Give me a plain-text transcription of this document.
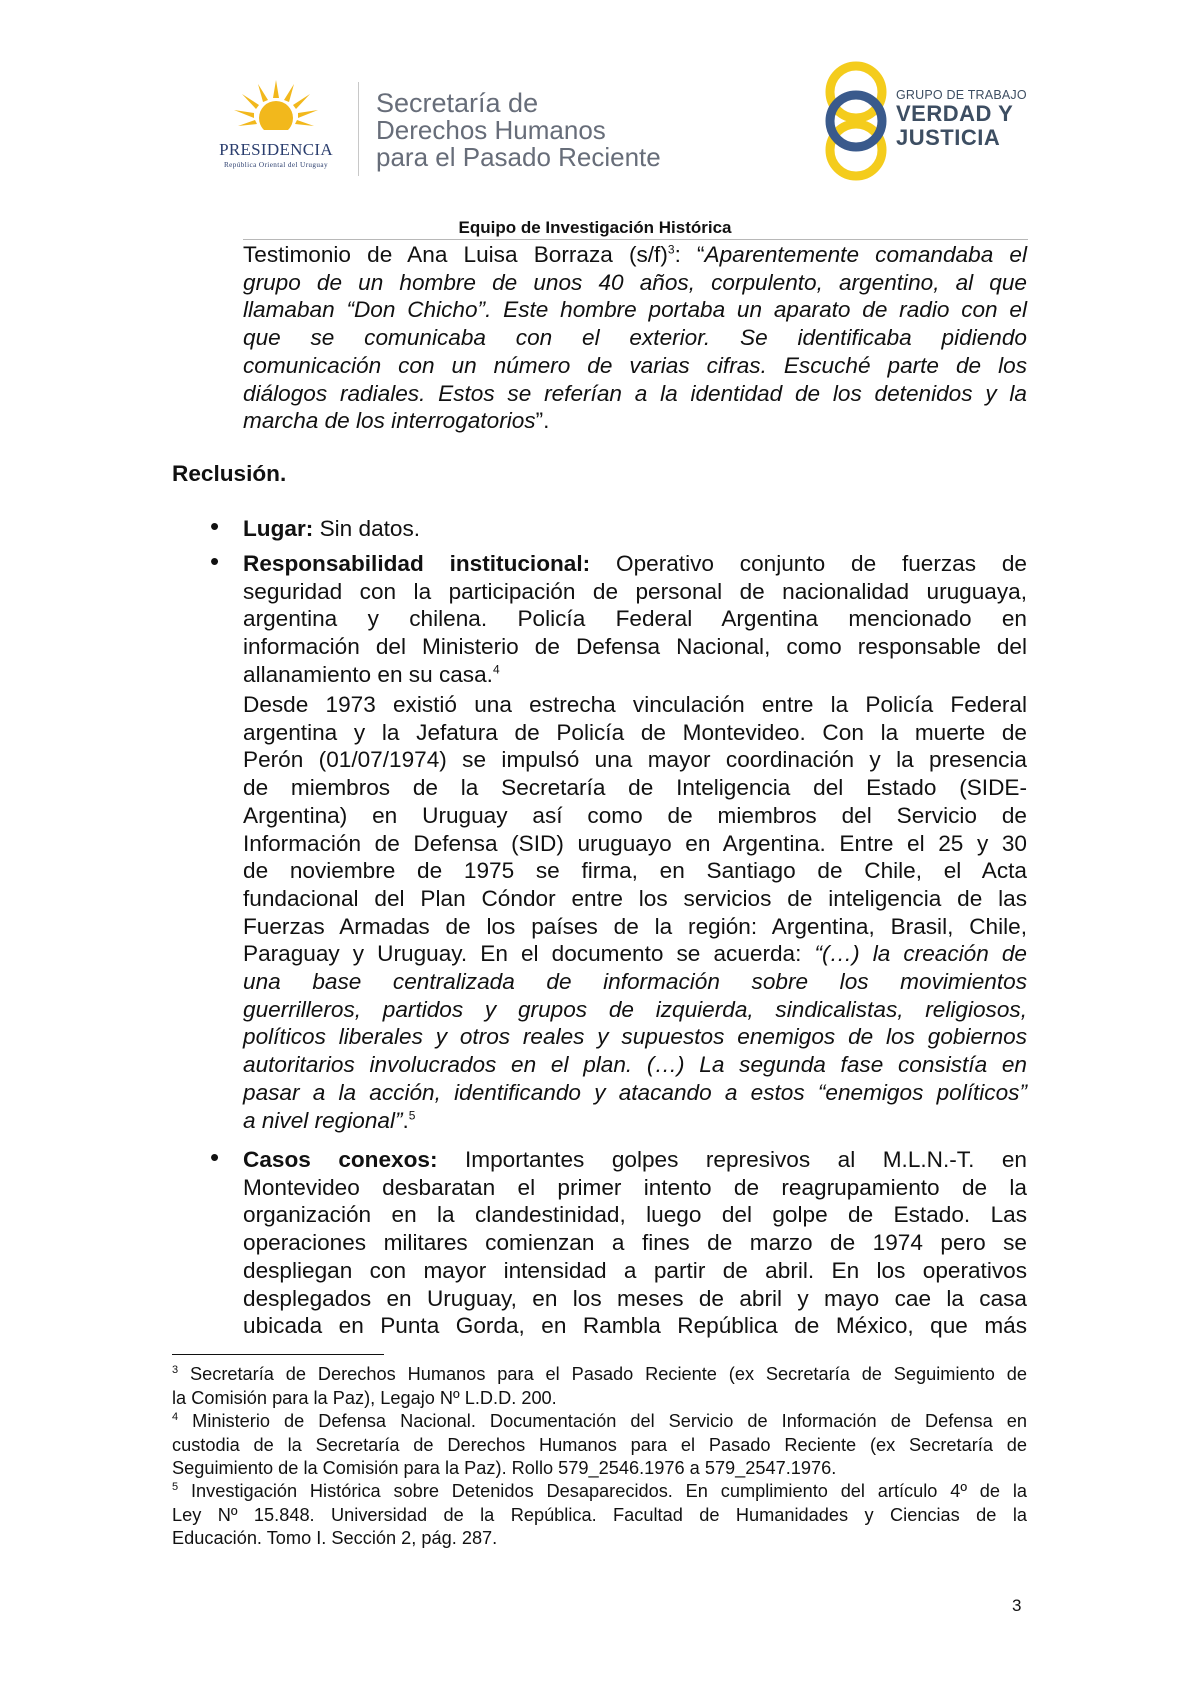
PRESIDENCIA
República Oriental del Uruguay
Secretaría de
Derechos Humanos
para el Pasado Reciente
GRUPO DE TRABAJO
VERDAD Y
JUSTICIA
Equipo de Investigación Histórica
Testimonio de Ana Luisa Borraza $(s/f)^3$: “Aparentemente comandaba el
grupo de un hombre de unos 40 años, corpulento, argentino, al que
llamaban “Don Chicho”. Este hombre portaba un aparato de radio con el
que se comunicaba con el exterior. Se identificaba pidiendo
comunicación con un número de varias cifras. Escuché parte de los
diálogos radiales. Estos se referían a la identidad de los detenidos y la
marcha de los interrogatorios”.
Reclusión.
• Lugar: Sin datos.
• Responsabilidad institucional: Operativo conjunto de fuerzas de
seguridad con la participación de personal de nacionalidad uruguaya,
argentina y chilena. Policía Federal Argentina mencionado en
información del Ministerio de Defensa Nacional, como responsable del
allanamiento en su casa.$^4$
Desde 1973 existió una estrecha vinculación entre la Policía Federal
argentina y la Jefatura de Policía de Montevideo. Con la muerte de
Perón (01/07/1974) se impulsó una mayor coordinación y la presencia
de miembros de la Secretaría de Inteligencia del Estado (SIDE-
Argentina) en Uruguay así como de miembros del Servicio de
Información de Defensa (SID) uruguayo en Argentina. Entre el 25 y 30
de noviembre de 1975 se firma, en Santiago de Chile, el Acta
fundacional del Plan Cóndor entre los servicios de inteligencia de las
Fuerzas Armadas de los países de la región: Argentina, Brasil, Chile,
Paraguay y Uruguay. En el documento se acuerda: “(…) la creación de
una base centralizada de información sobre los movimientos
guerrilleros, partidos y grupos de izquierda, sindicalistas, religiosos,
políticos liberales y otros reales y supuestos enemigos de los gobiernos
autoritarios involucrados en el plan. (…) La segunda fase consistía en
pasar a la acción, identificando y atacando a estos “enemigos políticos”
a nivel regional”.$^5$
• Casos conexos: Importantes golpes represivos al M.L.N.-T. en
Montevideo desbaratan el primer intento de reagrupamiento de la
organización en la clandestinidad, luego del golpe de Estado. Las
operaciones militares comienzan a fines de marzo de 1974 pero se
despliegan con mayor intensidad a partir de abril. En los operativos
desplegados en Uruguay, en los meses de abril y mayo cae la casa
ubicada en Punta Gorda, en Rambla República de México, que más
$^3$ Secretaría de Derechos Humanos para el Pasado Reciente (ex Secretaría de Seguimiento de
la Comisión para la Paz), Legajo Nº L.D.D. 200.
$^4$ Ministerio de Defensa Nacional. Documentación del Servicio de Información de Defensa en
custodia de la Secretaría de Derechos Humanos para el Pasado Reciente (ex Secretaría de
Seguimiento de la Comisión para la Paz). Rollo 579_2546.1976 a 579_2547.1976.
$^5$ Investigación Histórica sobre Detenidos Desaparecidos. En cumplimiento del artículo 4º de la
Ley Nº 15.848. Universidad de la República. Facultad de Humanidades y Ciencias de la
Educación. Tomo I. Sección 2, pág. 287.
3
